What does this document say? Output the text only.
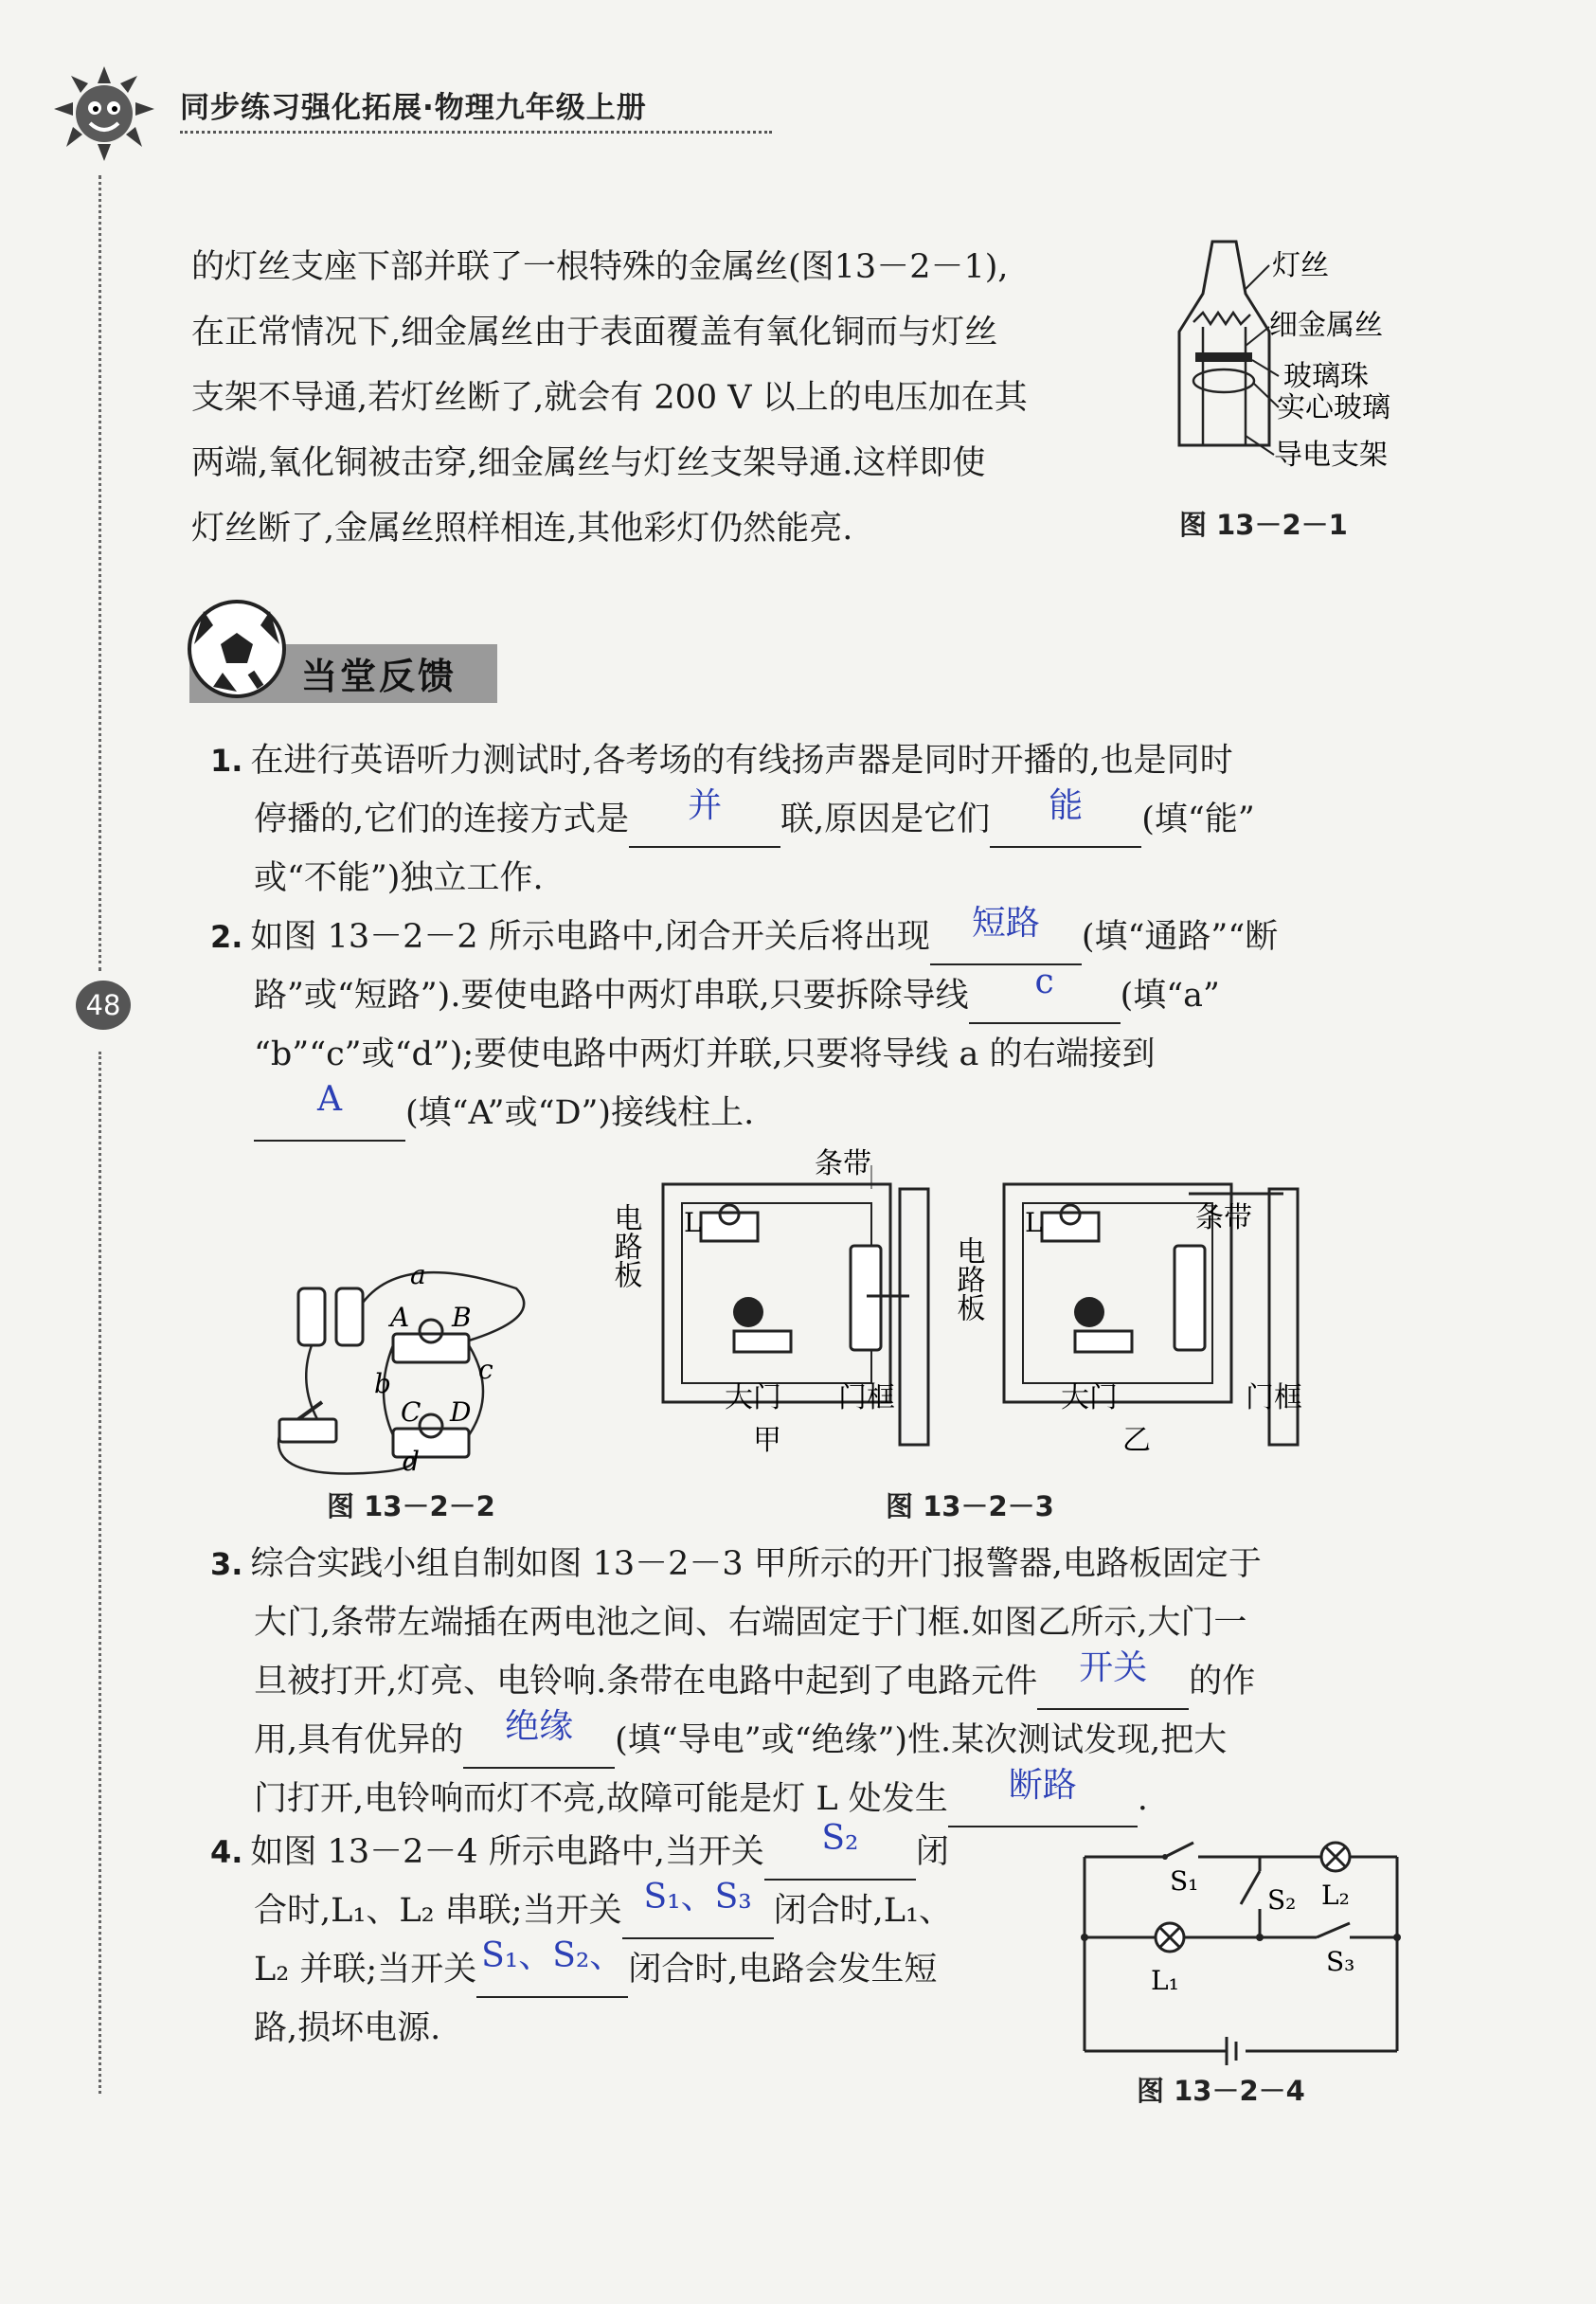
同步练习强化拓展·物理九年级上册
48

的灯丝支座下部并联了一根特殊的金属丝(图13－2－1),

在正常情况下,细金属丝由于表面覆盖有氧化铜而与灯丝

支架不导通,若灯丝断了,就会有 200 V 以上的电压加在其

两端,氧化铜被击穿,细金属丝与灯丝支架导通.这样即使

灯丝断了,金属丝照样相连,其他彩灯仍然能亮.

灯丝
细金属丝
玻璃珠
实心玻璃
导电支架
图 13－2－1
当堂反馈

1. 在进行英语听力测试时,各考场的有线扬声器是同时开播的,也是同时

停播的,它们的连接方式是 并 联,原因是它们 能 (填“能”

或“不能”)独立工作.

2. 如图 13－2－2 所示电路中,闭合开关后将出现 短路 (填“通路”“断

路”或“短路”).要使电路中两灯串联,只要拆除导线 c (填“a”

“b”“c”或“d”);要使电路中两灯并联,只要将导线 a 的右端接到

A (填“A”或“D”)接线柱上.

a
A B
b	c
C D
d
图 13－2－2
条带
L
电路板
大门 门框
甲
条带
L
电路板
大门	门框
乙
图 13－2－3

3. 综合实践小组自制如图 13－2－3 甲所示的开门报警器,电路板固定于

大门,条带左端插在两电池之间、右端固定于门框.如图乙所示,大门一

旦被打开,灯亮、电铃响.条带在电路中起到了电路元件 开关 的作

用,具有优异的 绝缘 (填“导电”或“绝缘”)性.某次测试发现,把大

门打开,电铃响而灯不亮,故障可能是灯 L 处发生 断路 .

4. 如图 13－2－4 所示电路中,当开关 S₂ 闭

合时,L₁、L₂ 串联;当开关 S₁、S₃ 闭合时,L₁、

L₂ 并联;当开关 S₁、S₂、 闭合时,电路会发生短

路,损坏电源.

S₁
S₂ L₂
S₃
L₁
图 13－2－4
